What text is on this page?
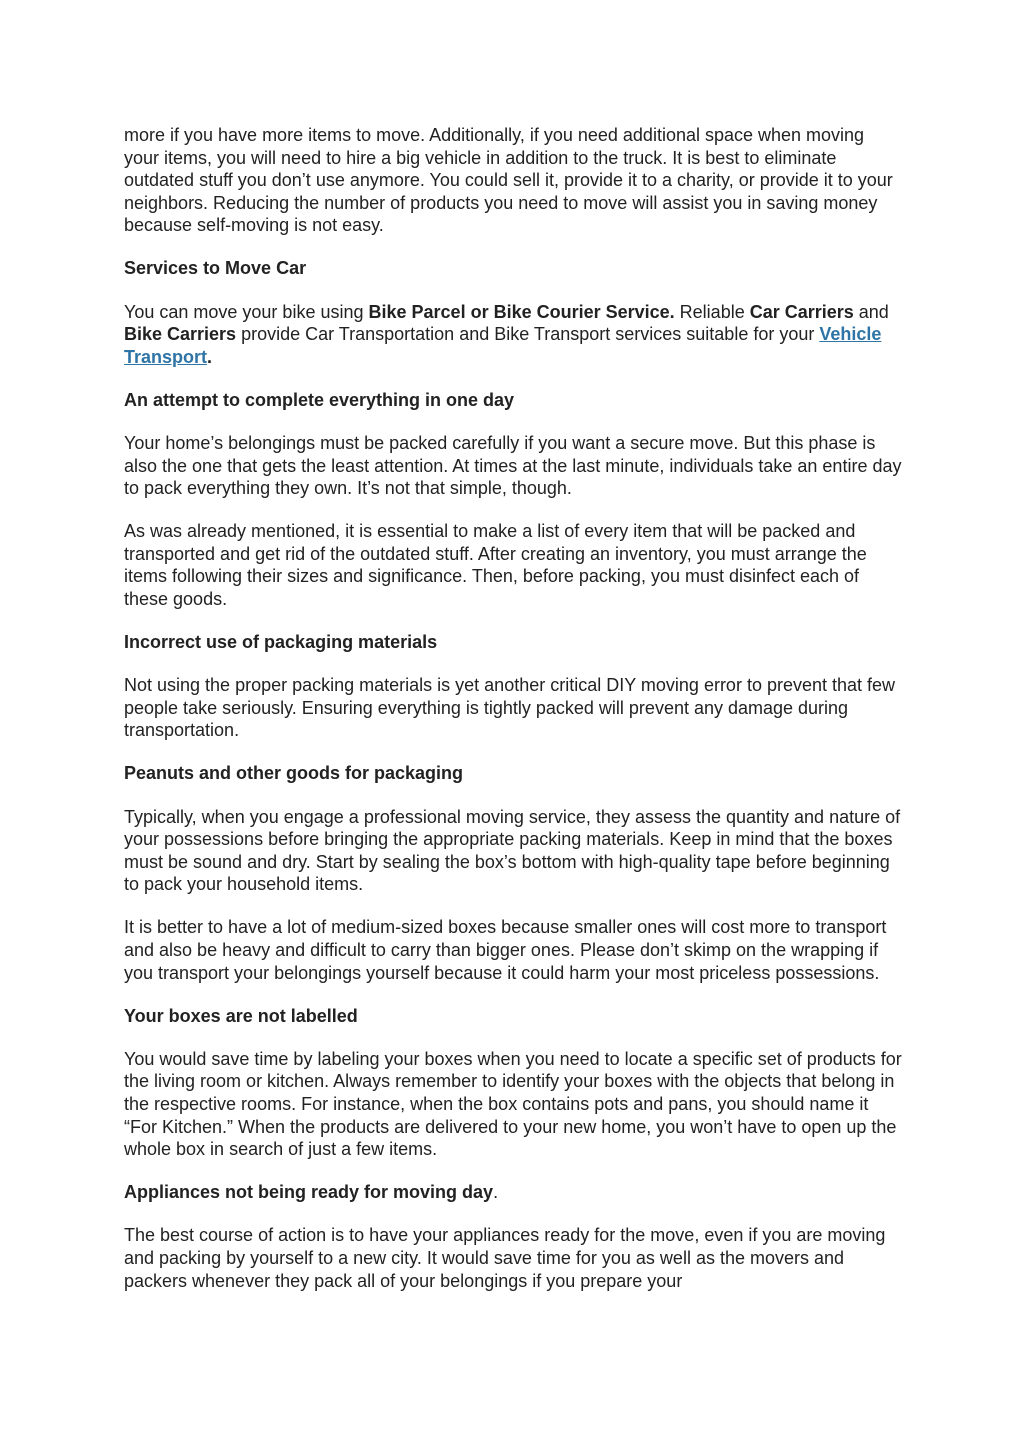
more if you have more items to move. Additionally, if you need additional space when moving your items, you will need to hire a big vehicle in addition to the truck. It is best to eliminate outdated stuff you don’t use anymore. You could sell it, provide it to a charity, or provide it to your neighbors. Reducing the number of products you need to move will assist you in saving money because self-moving is not easy.

Services to Move Car

You can move your bike using Bike Parcel or Bike Courier Service. Reliable Car Carriers and Bike Carriers provide Car Transportation and Bike Transport services suitable for your Vehicle Transport.

An attempt to complete everything in one day

Your home’s belongings must be packed carefully if you want a secure move. But this phase is also the one that gets the least attention. At times at the last minute, individuals take an entire day to pack everything they own. It’s not that simple, though.

As was already mentioned, it is essential to make a list of every item that will be packed and transported and get rid of the outdated stuff. After creating an inventory, you must arrange the items following their sizes and significance. Then, before packing, you must disinfect each of these goods.

Incorrect use of packaging materials

Not using the proper packing materials is yet another critical DIY moving error to prevent that few people take seriously. Ensuring everything is tightly packed will prevent any damage during transportation.

Peanuts and other goods for packaging

Typically, when you engage a professional moving service, they assess the quantity and nature of your possessions before bringing the appropriate packing materials. Keep in mind that the boxes must be sound and dry. Start by sealing the box’s bottom with high-quality tape before beginning to pack your household items.

It is better to have a lot of medium-sized boxes because smaller ones will cost more to transport and also be heavy and difficult to carry than bigger ones. Please don’t skimp on the wrapping if you transport your belongings yourself because it could harm your most priceless possessions.

Your boxes are not labelled

You would save time by labeling your boxes when you need to locate a specific set of products for the living room or kitchen. Always remember to identify your boxes with the objects that belong in the respective rooms. For instance, when the box contains pots and pans, you should name it “For Kitchen.” When the products are delivered to your new home, you won’t have to open up the whole box in search of just a few items.

Appliances not being ready for moving day.

The best course of action is to have your appliances ready for the move, even if you are moving and packing by yourself to a new city. It would save time for you as well as the movers and packers whenever they pack all of your belongings if you prepare your
